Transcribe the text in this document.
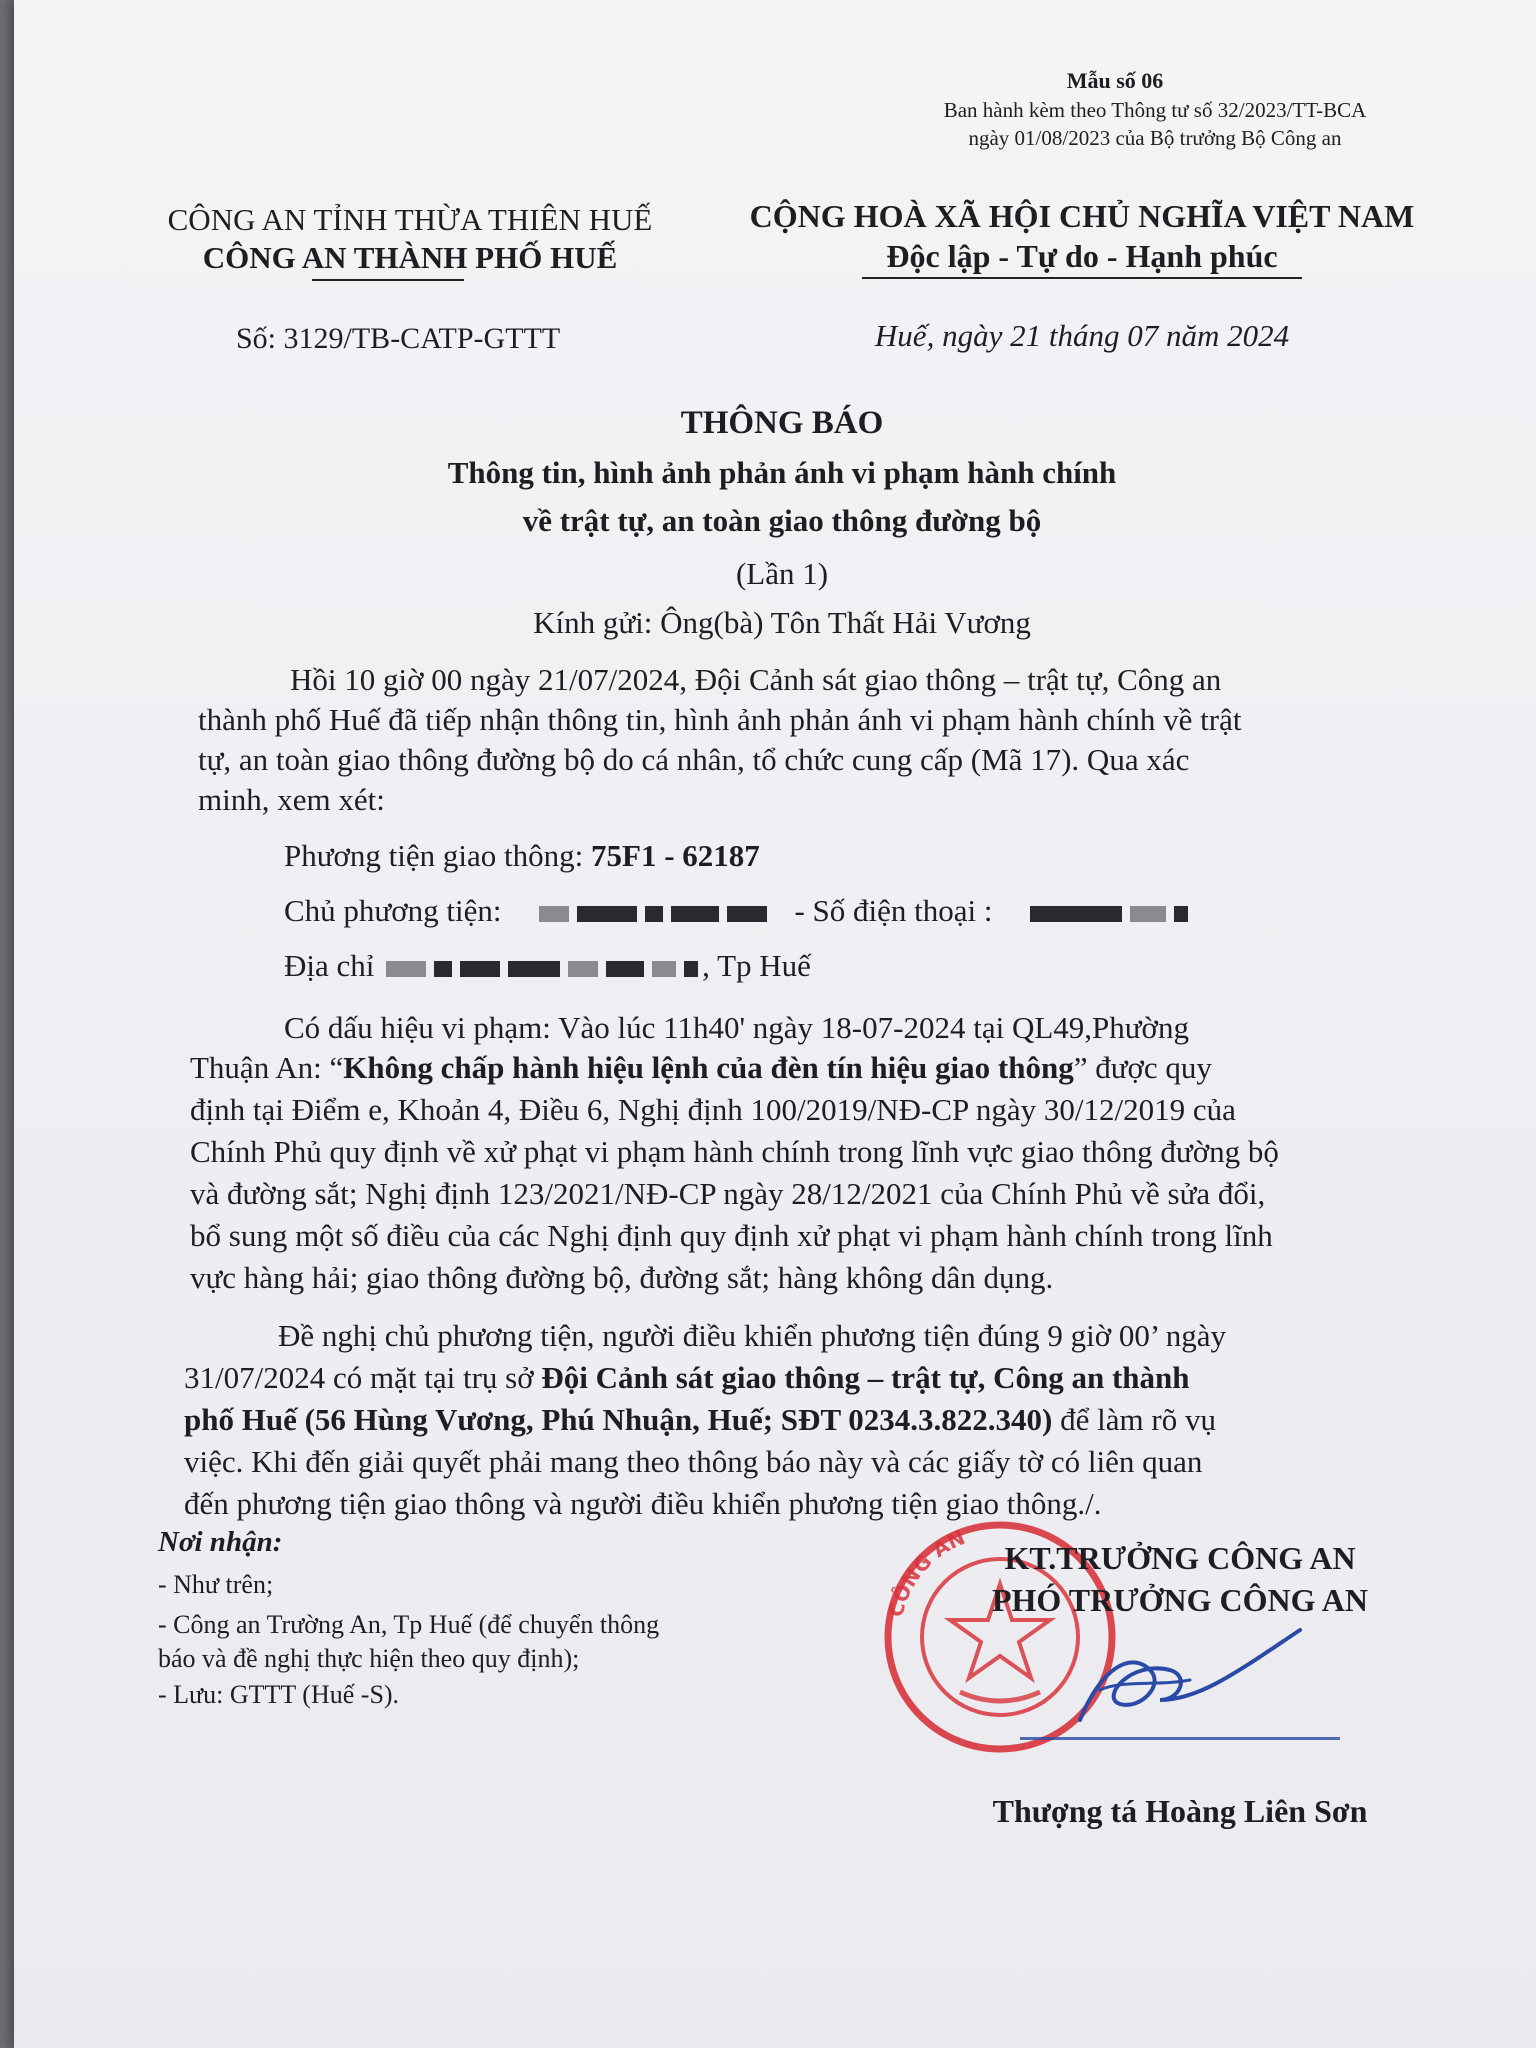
Mẫu số 06
Ban hành kèm theo Thông tư số 32/2023/TT-BCA
ngày 01/08/2023 của Bộ trưởng Bộ Công an
CÔNG AN TỈNH THỪA THIÊN HUẾ
CÔNG AN THÀNH PHỐ HUẾ
Số: 3129/TB-CATP-GTTT
CỘNG HOÀ XÃ HỘI CHỦ NGHĨA VIỆT NAM
Độc lập - Tự do - Hạnh phúc
Huế, ngày 21 tháng 07 năm 2024
THÔNG BÁO
Thông tin, hình ảnh phản ánh vi phạm hành chính
về trật tự, an toàn giao thông đường bộ
(Lần 1)
Kính gửi: Ông(bà) Tôn Thất Hải Vương
Hồi 10 giờ 00 ngày 21/07/2024, Đội Cảnh sát giao thông – trật tự, Công an
thành phố Huế đã tiếp nhận thông tin, hình ảnh phản ánh vi phạm hành chính về trật
tự, an toàn giao thông đường bộ do cá nhân, tổ chức cung cấp (Mã 17). Qua xác
minh, xem xét:
Phương tiện giao thông: 75F1 - 62187
Chủ phương tiện:	- Số điện thoại :
Địa chỉ	, Tp Huế
Có dấu hiệu vi phạm: Vào lúc 11h40' ngày 18-07-2024 tại QL49,Phường
Thuận An: “Không chấp hành hiệu lệnh của đèn tín hiệu giao thông” được quy
định tại Điểm e, Khoản 4, Điều 6, Nghị định 100/2019/NĐ-CP ngày 30/12/2019 của
Chính Phủ quy định về xử phạt vi phạm hành chính trong lĩnh vực giao thông đường bộ
và đường sắt; Nghị định 123/2021/NĐ-CP ngày 28/12/2021 của Chính Phủ về sửa đổi,
bổ sung một số điều của các Nghị định quy định xử phạt vi phạm hành chính trong lĩnh
vực hàng hải; giao thông đường bộ, đường sắt; hàng không dân dụng.
Đề nghị chủ phương tiện, người điều khiển phương tiện đúng 9 giờ 00’ ngày
31/07/2024 có mặt tại trụ sở Đội Cảnh sát giao thông – trật tự, Công an thành
phố Huế (56 Hùng Vương, Phú Nhuận, Huế; SĐT 0234.3.822.340) để làm rõ vụ
việc. Khi đến giải quyết phải mang theo thông báo này và các giấy tờ có liên quan
đến phương tiện giao thông và người điều khiển phương tiện giao thông./.
Nơi nhận:
- Như trên;
- Công an Trường An, Tp Huế (để chuyển thông
báo và đề nghị thực hiện theo quy định);
- Lưu: GTTT (Huế -S).
CÔNG AN
KT.TRƯỞNG CÔNG AN
PHÓ TRƯỞNG CÔNG AN
Thượng tá Hoàng Liên Sơn
